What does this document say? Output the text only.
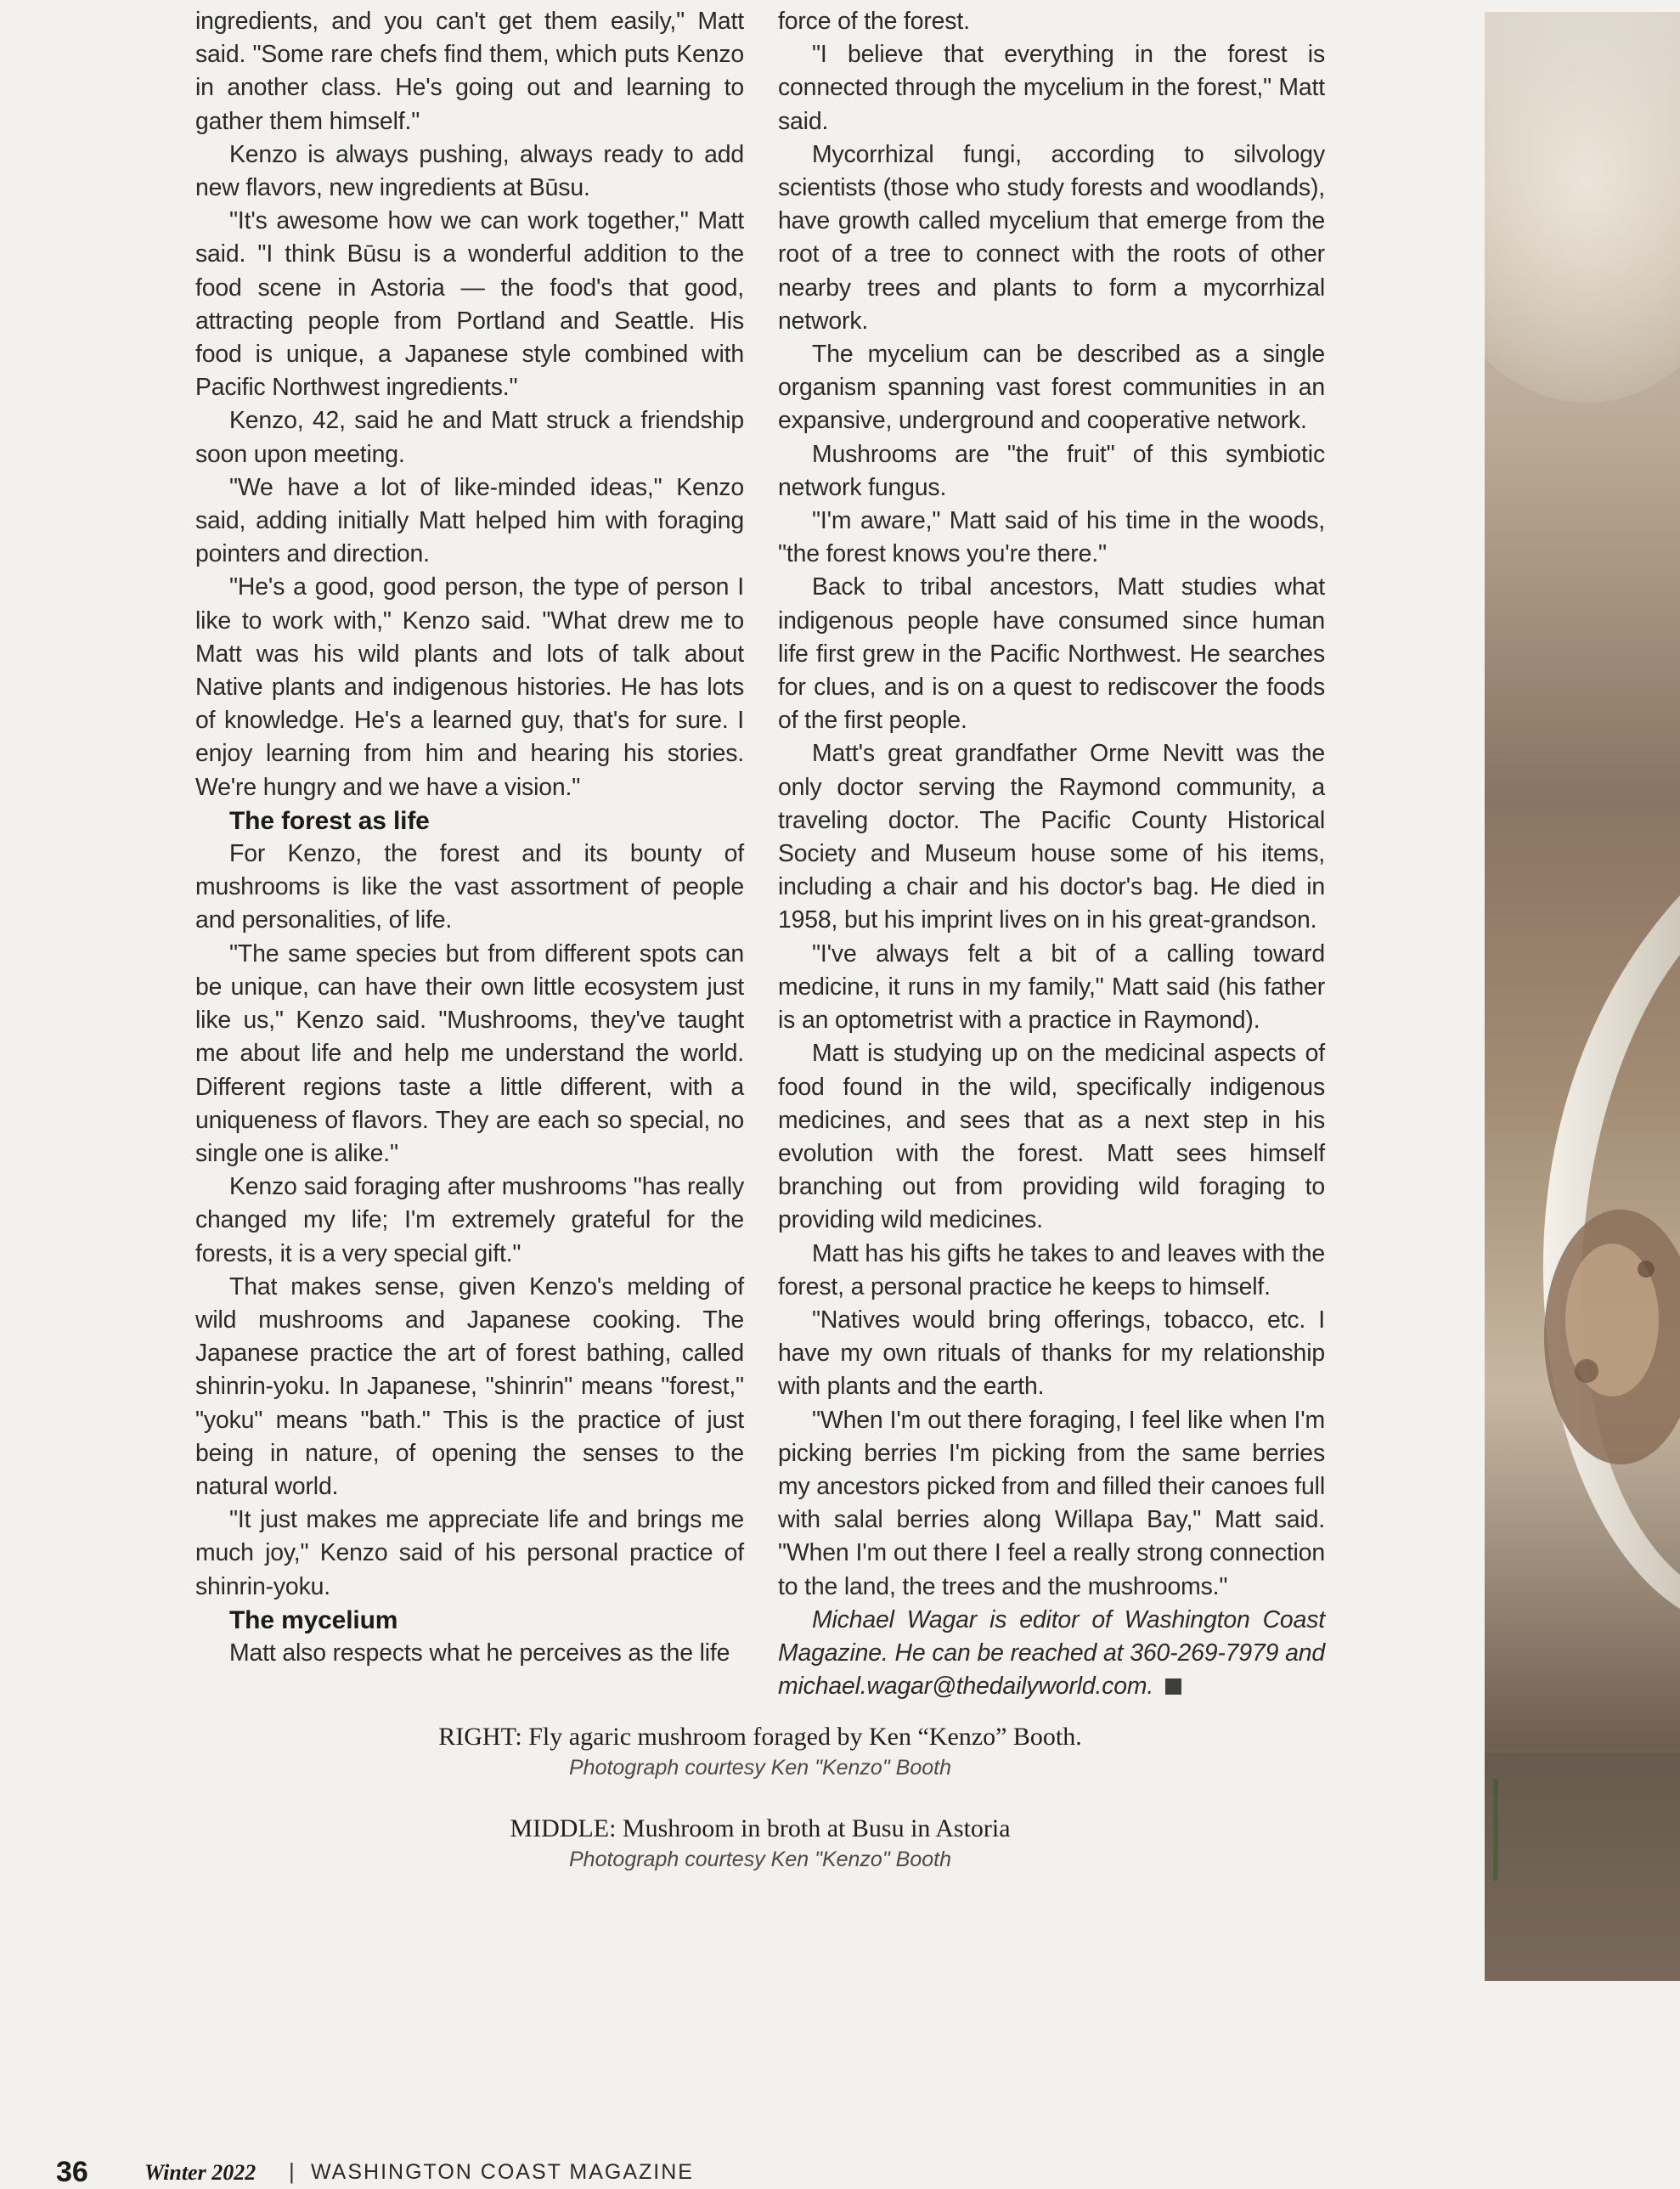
ingredients, and you can't get them easily," Matt said. "Some rare chefs find them, which puts Kenzo in another class. He's going out and learning to gather them himself."

Kenzo is always pushing, always ready to add new flavors, new ingredients at Būsu.

"It's awesome how we can work together," Matt said. "I think Būsu is a wonderful addition to the food scene in Astoria — the food's that good, attracting people from Portland and Seattle. His food is unique, a Japanese style combined with Pacific Northwest ingredients."

Kenzo, 42, said he and Matt struck a friendship soon upon meeting.

"We have a lot of like-minded ideas," Kenzo said, adding initially Matt helped him with foraging pointers and direction.

"He's a good, good person, the type of person I like to work with," Kenzo said. "What drew me to Matt was his wild plants and lots of talk about Native plants and indigenous histories. He has lots of knowledge. He's a learned guy, that's for sure. I enjoy learning from him and hearing his stories. We're hungry and we have a vision."

The forest as life

For Kenzo, the forest and its bounty of mushrooms is like the vast assortment of people and personalities, of life.

"The same species but from different spots can be unique, can have their own little ecosystem just like us," Kenzo said. "Mushrooms, they've taught me about life and help me understand the world. Different regions taste a little different, with a uniqueness of flavors. They are each so special, no single one is alike."

Kenzo said foraging after mushrooms "has really changed my life; I'm extremely grateful for the forests, it is a very special gift."

That makes sense, given Kenzo's melding of wild mushrooms and Japanese cooking. The Japanese practice the art of forest bathing, called shinrin-yoku. In Japanese, "shinrin" means "forest," "yoku" means "bath." This is the practice of just being in nature, of opening the senses to the natural world.

"It just makes me appreciate life and brings me much joy," Kenzo said of his personal practice of shinrin-yoku.

The mycelium

Matt also respects what he perceives as the life

force of the forest.

"I believe that everything in the forest is connected through the mycelium in the forest," Matt said.

Mycorrhizal fungi, according to silvology scientists (those who study forests and woodlands), have growth called mycelium that emerge from the root of a tree to connect with the roots of other nearby trees and plants to form a mycorrhizal network.

The mycelium can be described as a single organism spanning vast forest communities in an expansive, underground and cooperative network.

Mushrooms are "the fruit" of this symbiotic network fungus.

"I'm aware," Matt said of his time in the woods, "the forest knows you're there."

Back to tribal ancestors, Matt studies what indigenous people have consumed since human life first grew in the Pacific Northwest. He searches for clues, and is on a quest to rediscover the foods of the first people.

Matt's great grandfather Orme Nevitt was the only doctor serving the Raymond community, a traveling doctor. The Pacific County Historical Society and Museum house some of his items, including a chair and his doctor's bag. He died in 1958, but his imprint lives on in his great-grandson.

"I've always felt a bit of a calling toward medicine, it runs in my family," Matt said (his father is an optometrist with a practice in Raymond).

Matt is studying up on the medicinal aspects of food found in the wild, specifically indigenous medicines, and sees that as a next step in his evolution with the forest. Matt sees himself branching out from providing wild foraging to providing wild medicines.

Matt has his gifts he takes to and leaves with the forest, a personal practice he keeps to himself.

"Natives would bring offerings, tobacco, etc. I have my own rituals of thanks for my relationship with plants and the earth.

"When I'm out there foraging, I feel like when I'm picking berries I'm picking from the same berries my ancestors picked from and filled their canoes full with salal berries along Willapa Bay," Matt said. "When I'm out there I feel a really strong connection to the land, the trees and the mushrooms."

Michael Wagar is editor of Washington Coast Magazine. He can be reached at 360-269-7979 and michael.wagar@thedailyworld.com.

RIGHT: Fly agaric mushroom foraged by Ken “Kenzo” Booth.
Photograph courtesy Ken "Kenzo" Booth
MIDDLE: Mushroom in broth at Busu in Astoria
Photograph courtesy Ken "Kenzo" Booth
36	Winter 2022 | WASHINGTON COAST MAGAZINE
